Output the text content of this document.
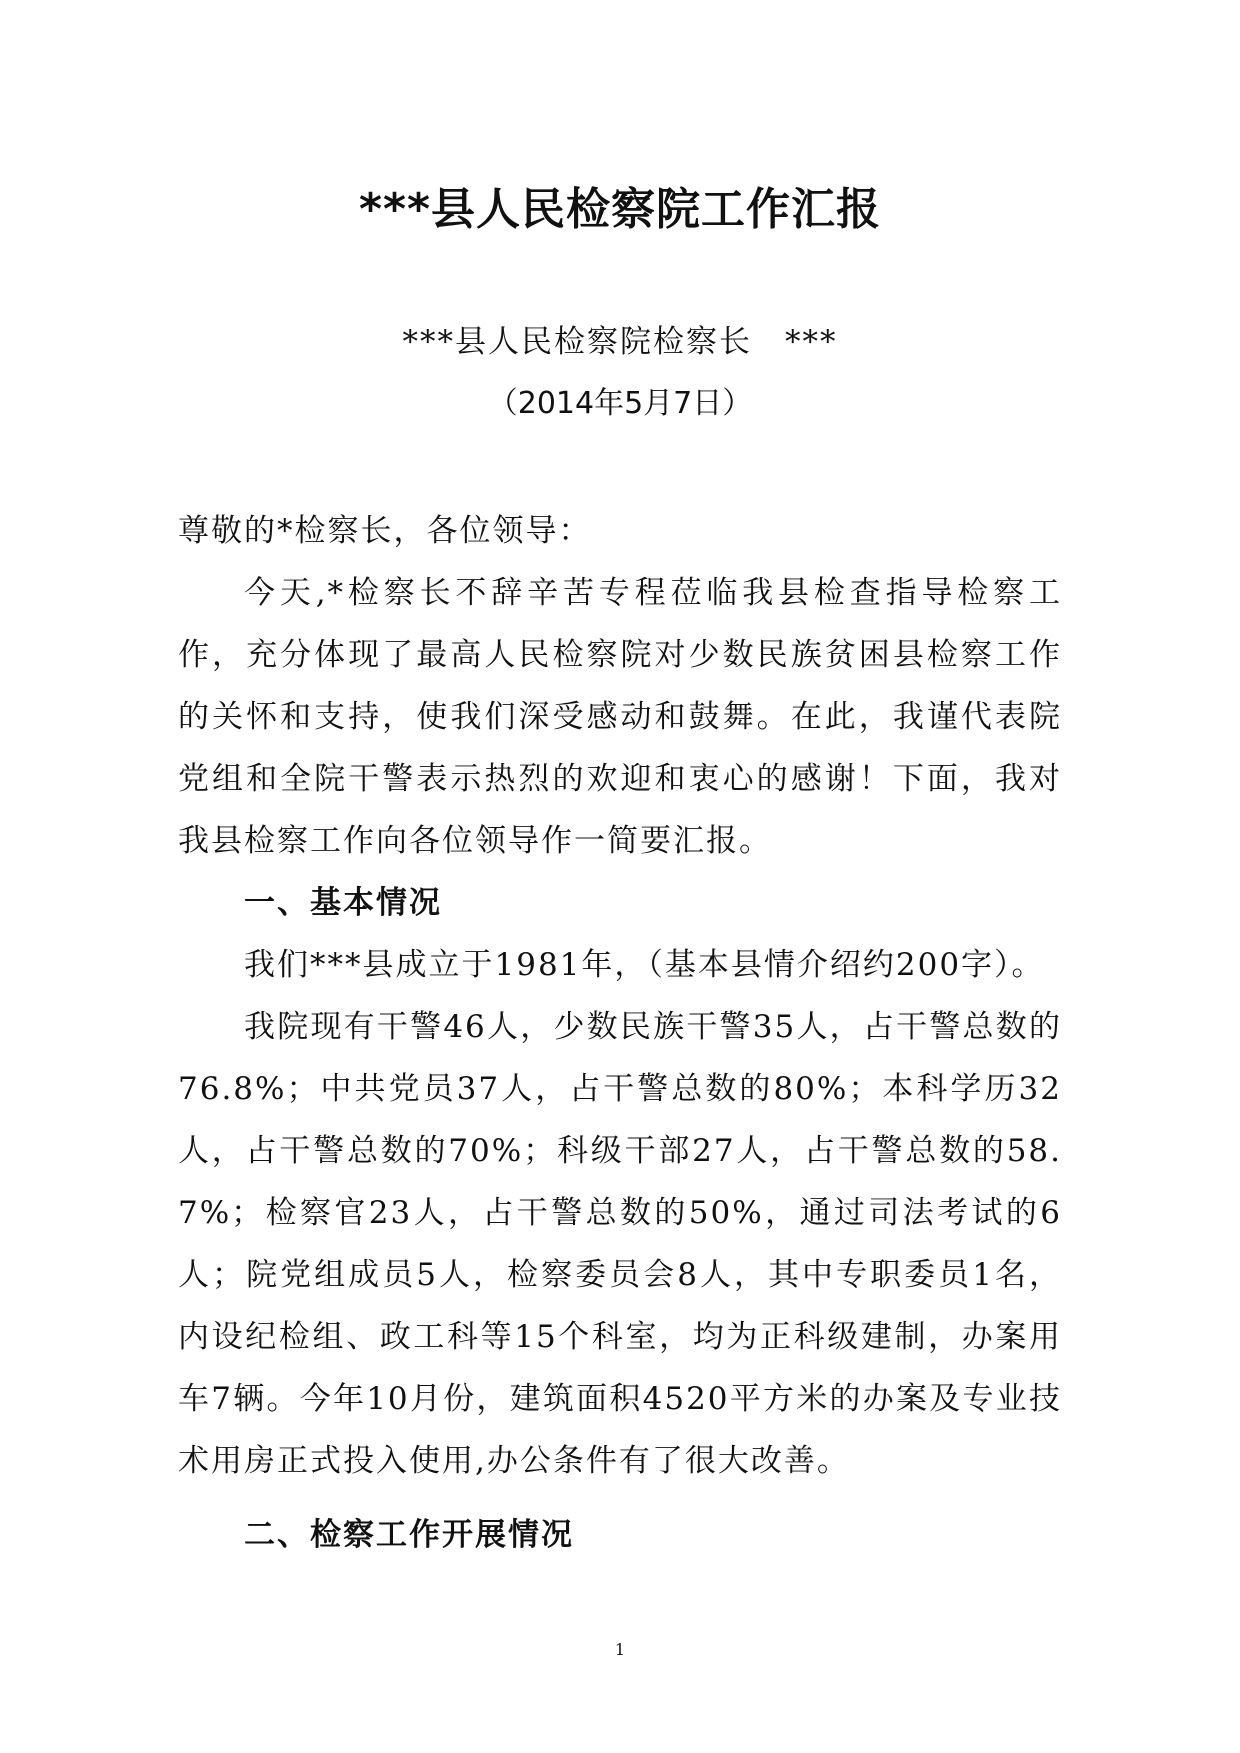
***县人民检察院工作汇报
***县人民检察院检察长　***
（2014年5月7日）

尊敬的*检察长，各位领导：

今天,*检察长不辞辛苦专程莅临我县检查指导检察工作，充分体现了最高人民检察院对少数民族贫困县检察工作的关怀和支持，使我们深受感动和鼓舞。在此，我谨代表院党组和全院干警表示热烈的欢迎和衷心的感谢！下面，我对我县检察工作向各位领导作一简要汇报。

一、基本情况

我们***县成立于1981年，（基本县情介绍约200字）。

我院现有干警46人，少数民族干警35人，占干警总数的76.8%；中共党员37人，占干警总数的80%；本科学历32人，占干警总数的70%；科级干部27人，占干警总数的58.7%；检察官23人，占干警总数的50%，通过司法考试的6人；院党组成员5人，检察委员会8人，其中专职委员1名，内设纪检组、政工科等15个科室，均为正科级建制，办案用车7辆。今年10月份，建筑面积4520平方米的办案及专业技术用房正式投入使用,办公条件有了很大改善。

二、检察工作开展情况

1
